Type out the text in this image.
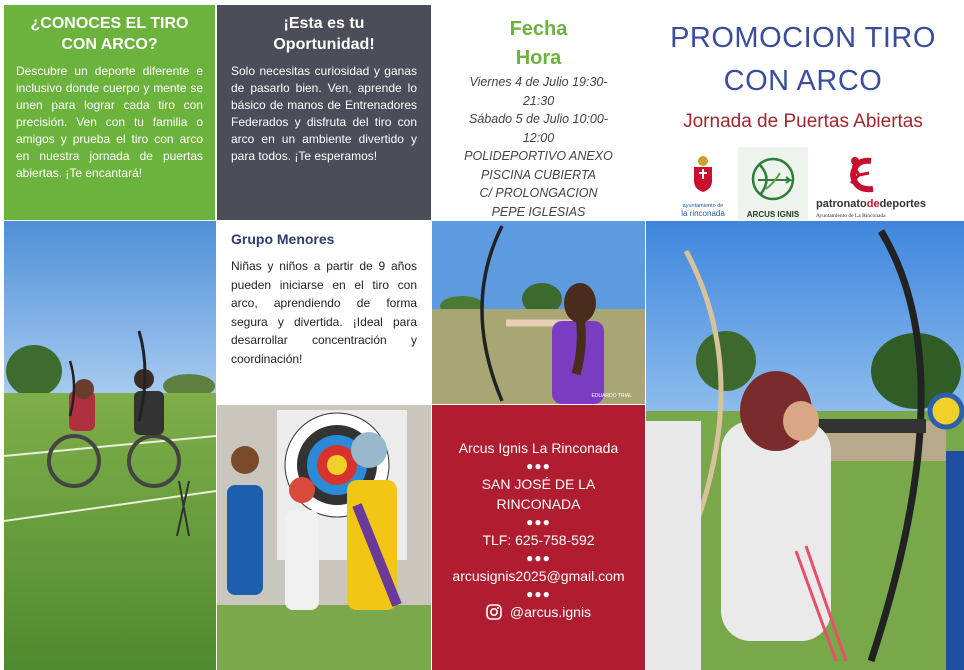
¿CONOCES EL TIRO CON ARCO?

Descubre un deporte diferente e inclusivo donde cuerpo y mente se unen para lograr cada tiro con precisión. Ven con tu familia o amigos y prueba el tiro con arco en nuestra jornada de puertas abiertas. ¡Te encantará!

¡Esta es tu Oportunidad!

Solo necesitas curiosidad y ganas de pasarlo bien. Ven, aprende lo básico de manos de Entrenadores Federados y disfruta del tiro con arco en un ambiente divertido y para todos. ¡Te esperamos!

Fecha
Hora
Viernes 4 de Julio 19:30-
21:30
Sábado 5 de Julio 10:00-
12:00
POLIDEPORTIVO ANEXO
PISCINA CUBIERTA
C/ PROLONGACION
PEPE IGLESIAS
PROMOCION TIRO
CON ARCO
Jornada de Puertas Abiertas
ayuntamiento de
la rinconada	ARCUS IGNIS
patronatodedeportes
Ayuntamiento de La Rinconada
EDUARDO TRIAL
Grupo Menores

Niñas y niños a partir de 9 años pueden iniciarse en el tiro con arco, aprendiendo de forma segura y divertida. ¡Ideal para desarrollar concentración y coordinación!

Arcus Ignis La Rinconada
●●●
SAN JOSÉ DE LA
RINCONADA
●●●
TLF: 625-758-592
●●●
arcusignis2025@gmail.com
●●●
@arcus.ignis
